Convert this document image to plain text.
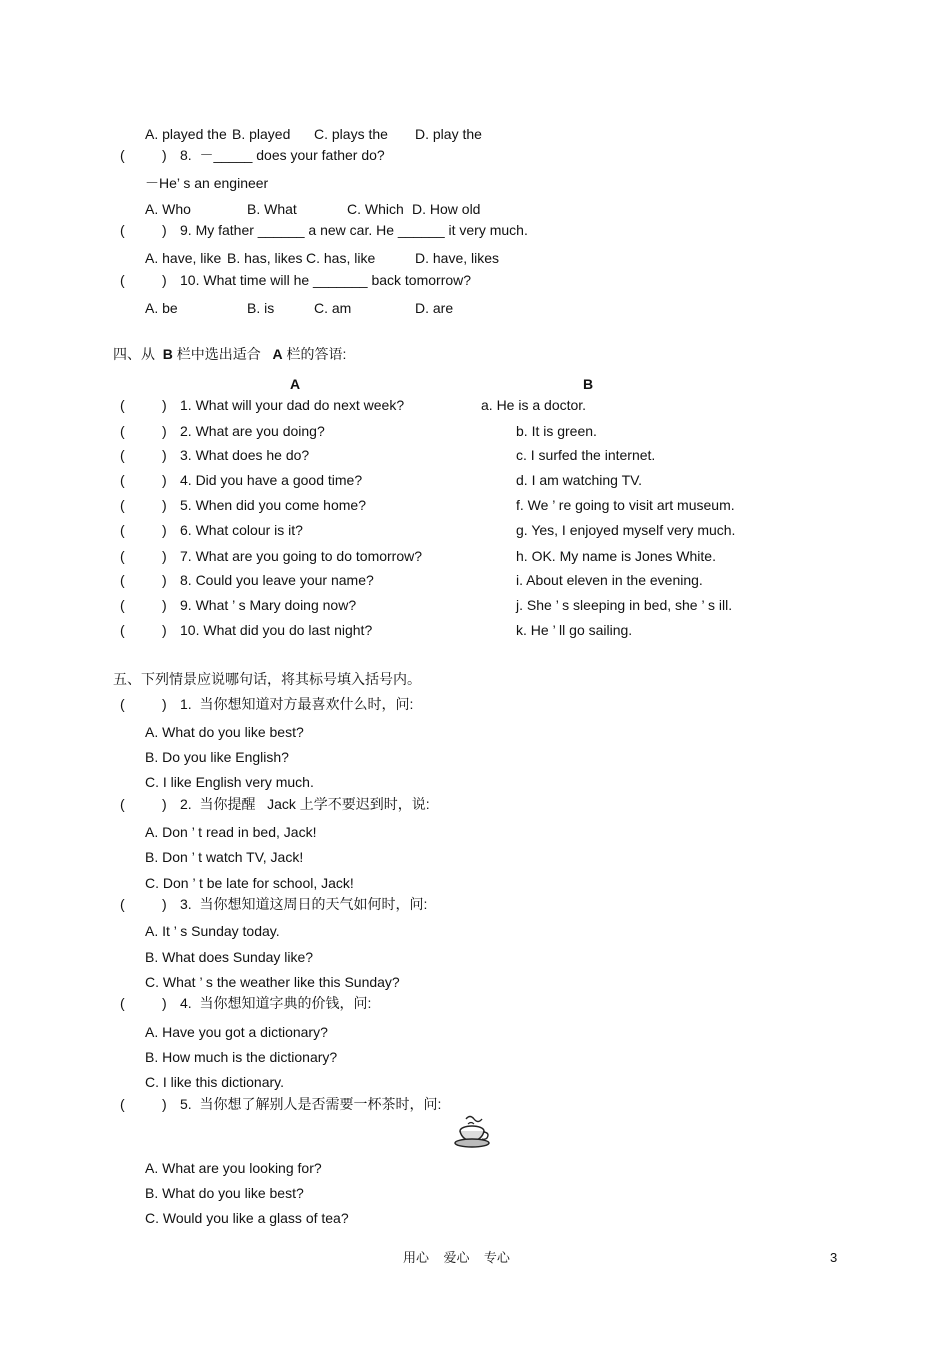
A. played the B. played C. plays the D. play the
(	) 8.  －_____ does your father do?
－He’ s an engineer
A. Who	B. What	C. Which D. How old
(	) 9. My father ______ a new car. He ______ it very much.
A. have, like B. has, likes C. has, like	D. have, likes
(	) 10. What time will he _______ back tomorrow?
A. be	B. is	C. am	D. are
四、从 B 栏中选出适合 A 栏的答语:
A	B
(	) 1. What will your dad do next week?	a. He is a doctor.
(	) 2. What are you doing?	b. It is green.
(	) 3. What does he do?	c. I surfed the internet.
(	) 4. Did you have a good time?	d. I am watching TV.
(	) 5. When did you come home?	f. We ’ re going to visit art museum.
(	) 6. What colour is it?	g. Yes, I enjoyed myself very much.
(	) 7. What are you going to do tomorrow?	h. OK. My name is Jones White.
(	) 8. Could you leave your name?	i. About eleven in the evening.
(	) 9. What ’ s Mary doing now?	j. She ’ s sleeping in bed, she ’ s ill.
(	) 10. What did you do last night?	k. He ’ ll go sailing.
五、下列情景应说哪句话，将其标号填入括号内。
(	) 1.  当你想知道对方最喜欢什么时，问:
A. What do you like best?
B. Do you like English?
C. I like English very much.
(	) 2.  当你提醒   Jack 上学不要迟到时，说:
A. Don ’ t read in bed, Jack!
B. Don ’ t watch TV, Jack!
C. Don ’ t be late for school, Jack!
(	) 3.  当你想知道这周日的天气如何时，问:
A. It ’ s Sunday today.
B. What does Sunday like?
C. What ’ s the weather like this Sunday?
(	) 4.  当你想知道字典的价钱，问:
A. Have you got a dictionary?
B. How much is the dictionary?
C. I like this dictionary.
(	) 5.  当你想了解别人是否需要一杯茶时，问:
A. What are you looking for?
B. What do you like best?
C. Would you like a glass of tea?
用心    爱心    专心	3
